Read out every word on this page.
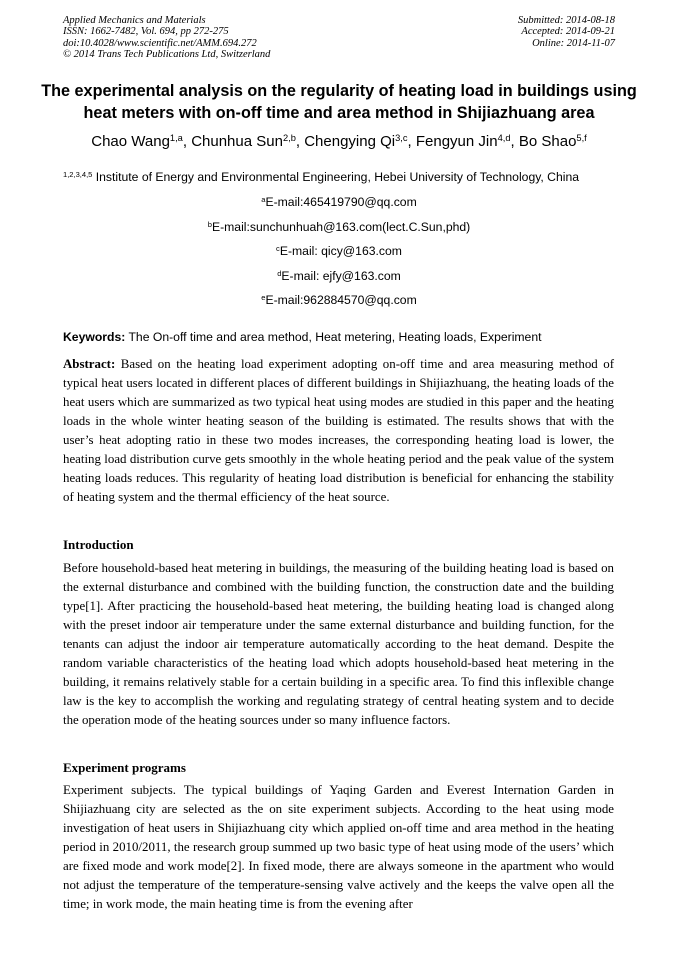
Applied Mechanics and Materials
ISSN: 1662-7482, Vol. 694, pp 272-275
doi:10.4028/www.scientific.net/AMM.694.272
© 2014 Trans Tech Publications Ltd, Switzerland
Submitted: 2014-08-18
Accepted: 2014-09-21
Online: 2014-11-07
The experimental analysis on the regularity of heating load in buildings using heat meters with on-off time and area method in Shijiazhuang area
Chao Wang$^{1,a}$, Chunhua Sun$^{2,b}$, Chengying Qi$^{3,c}$, Fengyun Jin$^{4,d}$, Bo Shao$^{5,f}$
$^{1,2,3,4,5}$ Institute of Energy and Environmental Engineering, Hebei University of Technology, China
$^a$E-mail:465419790@qq.com
$^b$E-mail:sunchunhuah@163.com(lect.C.Sun,phd)
$^c$E-mail: qicy@163.com
$^d$E-mail: ejfy@163.com
$^e$E-mail:962884570@qq.com
Keywords: The On-off time and area method, Heat metering, Heating loads, Experiment
Abstract: Based on the heating load experiment adopting on-off time and area measuring method of typical heat users located in different places of different buildings in Shijiazhuang, the heating loads of the heat users which are summarized as two typical heat using modes are studied in this paper and the heating loads in the whole winter heating season of the building is estimated. The results shows that with the user’s heat adopting ratio in these two modes increases, the corresponding heating load is lower, the heating load distribution curve gets smoothly in the whole heating period and the peak value of the system heating loads reduces. This regularity of heating load distribution is beneficial for enhancing the stability of heating system and the thermal efficiency of the heat source.
Introduction
Before household-based heat metering in buildings, the measuring of the building heating load is based on the external disturbance and combined with the building function, the construction date and the building type[1]. After practicing the household-based heat metering, the building heating load is changed along with the preset indoor air temperature under the same external disturbance and building function, for the tenants can adjust the indoor air temperature automatically according to the heat demand. Despite the random variable characteristics of the heating load which adopts household-based heat metering in the building, it remains relatively stable for a certain building in a specific area. To find this inflexible change law is the key to accomplish the working and regulating strategy of central heating system and to decide the operation mode of the heating sources under so many influence factors.
Experiment programs
Experiment subjects. The typical buildings of Yaqing Garden and Everest Internation Garden in Shijiazhuang city are selected as the on site experiment subjects. According to the heat using mode investigation of heat users in Shijiazhuang city which applied on-off time and area method in the heating period in 2010/2011, the research group summed up two basic type of heat using mode of the users’ which are fixed mode and work mode[2]. In fixed mode, there are always someone in the apartment who would not adjust the temperature of the temperature-sensing valve actively and the keeps the valve open all the time; in work mode, the main heating time is from the evening after
